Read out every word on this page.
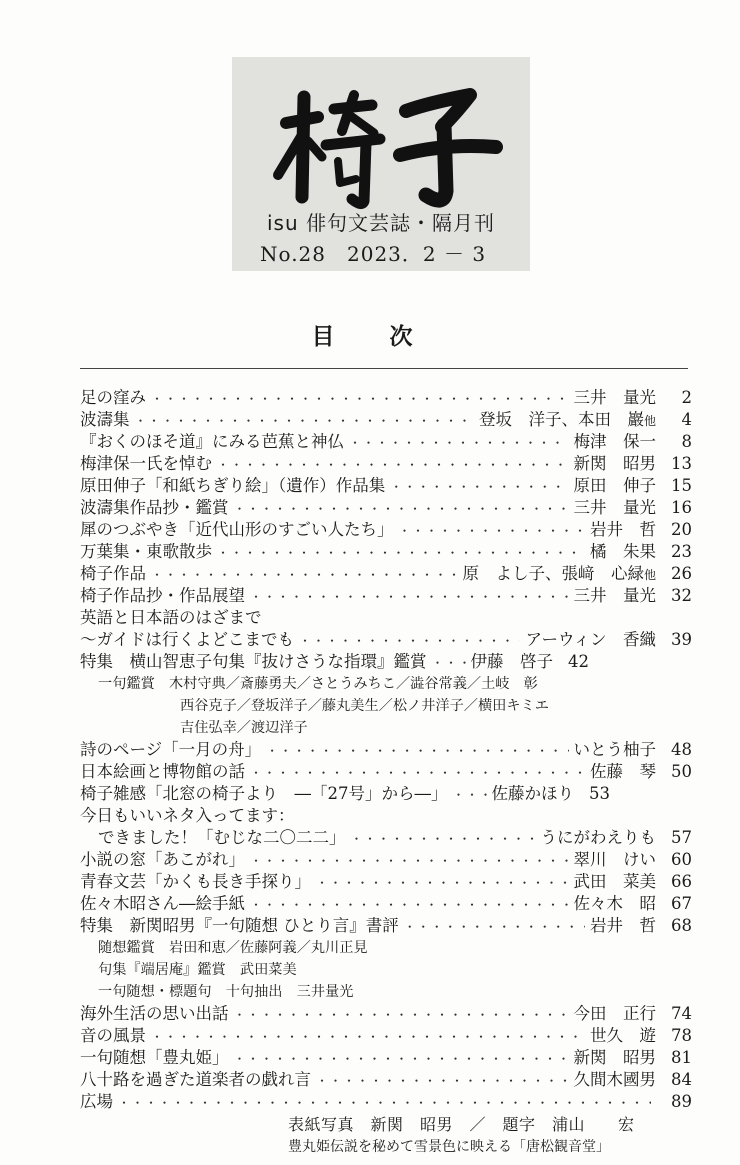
isu 俳句文芸誌・隔月刊
No.28　2023．2 － 3
目　次
足の窪み ・・・・・・・・・・・・・・・・・・・・・・・・・・・・・・・・・・・・・・・・・・・・・・・・・・・・・・・	三井　量光	2
波濤集 ・・・・・・・・・・・・・・・・・・・・・・・・・・・・・・・・・・・・・・・・・・・・・・・・・・・・・・・	登坂　洋子、本田　巖他	4
『おくのほそ道』にみる芭蕉と神仏 ・・・・・・・・・・・・・・・・・・・・・・・・・・・・・・・・・・・・・・・・・・・・・・・・・・・・・・・	梅津　保一	8
梅津保一氏を悼む ・・・・・・・・・・・・・・・・・・・・・・・・・・・・・・・・・・・・・・・・・・・・・・・・・・・・・・・	新関　昭男 13
原田伸子「和紙ちぎり絵」（遺作）作品集 ・・・・・・・・・・・・・・・・・・・・・・・・・・・・・・・・・・・・・・・・・・・・・・・・・・・・・・・	原田　伸子 15
波濤集作品抄・鑑賞 ・・・・・・・・・・・・・・・・・・・・・・・・・・・・・・・・・・・・・・・・・・・・・・・・・・・・・・・	三井　量光 16
犀のつぶやき「近代山形のすごい人たち」 ・・・・・・・・・・・・・・・・・・・・・・・・・・・・・・・・・・・・・・・・・・・・・・・・・・・・・・・	岩井　哲 20
万葉集・東歌散歩 ・・・・・・・・・・・・・・・・・・・・・・・・・・・・・・・・・・・・・・・・・・・・・・・・・・・・・・・	橘　朱果 23
椅子作品 ・・・・・・・・・・・・・・・・・・・・・・・・・・・・・・・・・・・・・・・・・・・・・・・・・・・・・・・	原　よし子、張﨑　心緑他 26
椅子作品抄・作品展望 ・・・・・・・・・・・・・・・・・・・・・・・・・・・・・・・・・・・・・・・・・・・・・・・・・・・・・・・	三井　量光 32
英語と日本語のはざまで
～ガイドは行くよどこまでも ・・・・・・・・・・・・・・・・・・・・・・・・・・・・・・・・・・・・・・・・・・・・・・・・・・・・・・・	アーウィン　香織 39
特集　横山智恵子句集『抜けさうな指環』鑑賞 ・・・・・・・・・・・・・・・・・・・・・・・・・・・・・・・・・・・・・・・・・・・・・・・・・・・・・・・	伊藤　啓子 42
一句鑑賞　木村守典／斎藤勇夫／さとうみちこ／澁谷常義／土岐　彰
西谷克子／登坂洋子／藤丸美生／松ノ井洋子／横田キミエ
吉住弘幸／渡辺洋子
詩のページ「一月の舟」 ・・・・・・・・・・・・・・・・・・・・・・・・・・・・・・・・・・・・・・・・・・・・・・・・・・・・・・・	いとう柚子 48
日本絵画と博物館の話 ・・・・・・・・・・・・・・・・・・・・・・・・・・・・・・・・・・・・・・・・・・・・・・・・・・・・・・・	佐藤　琴 50
椅子雑感「北窓の椅子より　―「27号」から―」 ・・・・・・・・・・・・・・・・・・・・・・・・・・・・・・・・・・・・・・・・・・・・・・・・・・・・・・・	佐藤かほり 53
今日もいいネタ入ってます：
できました！「むじな二〇二二」 ・・・・・・・・・・・・・・・・・・・・・・・・・・・・・・・・・・・・・・・・・・・・・・・・・・・・・・・	うにがわえりも 57
小説の窓「あこがれ」 ・・・・・・・・・・・・・・・・・・・・・・・・・・・・・・・・・・・・・・・・・・・・・・・・・・・・・・・	翠川　けい 60
青春文芸「かくも長き手探り」 ・・・・・・・・・・・・・・・・・・・・・・・・・・・・・・・・・・・・・・・・・・・・・・・・・・・・・・・	武田　菜美 66
佐々木昭さん―絵手紙 ・・・・・・・・・・・・・・・・・・・・・・・・・・・・・・・・・・・・・・・・・・・・・・・・・・・・・・・	佐々木　昭 67
特集　新関昭男『一句随想 ひとり言』書評 ・・・・・・・・・・・・・・・・・・・・・・・・・・・・・・・・・・・・・・・・・・・・・・・・・・・・・・・	岩井　哲 68
随想鑑賞　岩田和恵／佐藤阿義／丸川正見
句集『端居庵』鑑賞　武田菜美
一句随想・標題句　十句抽出　三井量光
海外生活の思い出話 ・・・・・・・・・・・・・・・・・・・・・・・・・・・・・・・・・・・・・・・・・・・・・・・・・・・・・・・	今田　正行 74
音の風景 ・・・・・・・・・・・・・・・・・・・・・・・・・・・・・・・・・・・・・・・・・・・・・・・・・・・・・・・	世久　遊 78
一句随想「豊丸姫」 ・・・・・・・・・・・・・・・・・・・・・・・・・・・・・・・・・・・・・・・・・・・・・・・・・・・・・・・	新関　昭男 81
八十路を過ぎた道楽者の戯れ言 ・・・・・・・・・・・・・・・・・・・・・・・・・・・・・・・・・・・・・・・・・・・・・・・・・・・・・・・	久間木國男 84
広場 ・・・・・・・・・・・・・・・・・・・・・・・・・・・・・・・・・・・・・・・・・・・・・・・・・・・・・・・	89
表紙写真　新関　昭男　／　題字　浦山　　宏
豊丸姫伝説を秘めて雪景色に映える「唐松観音堂」
